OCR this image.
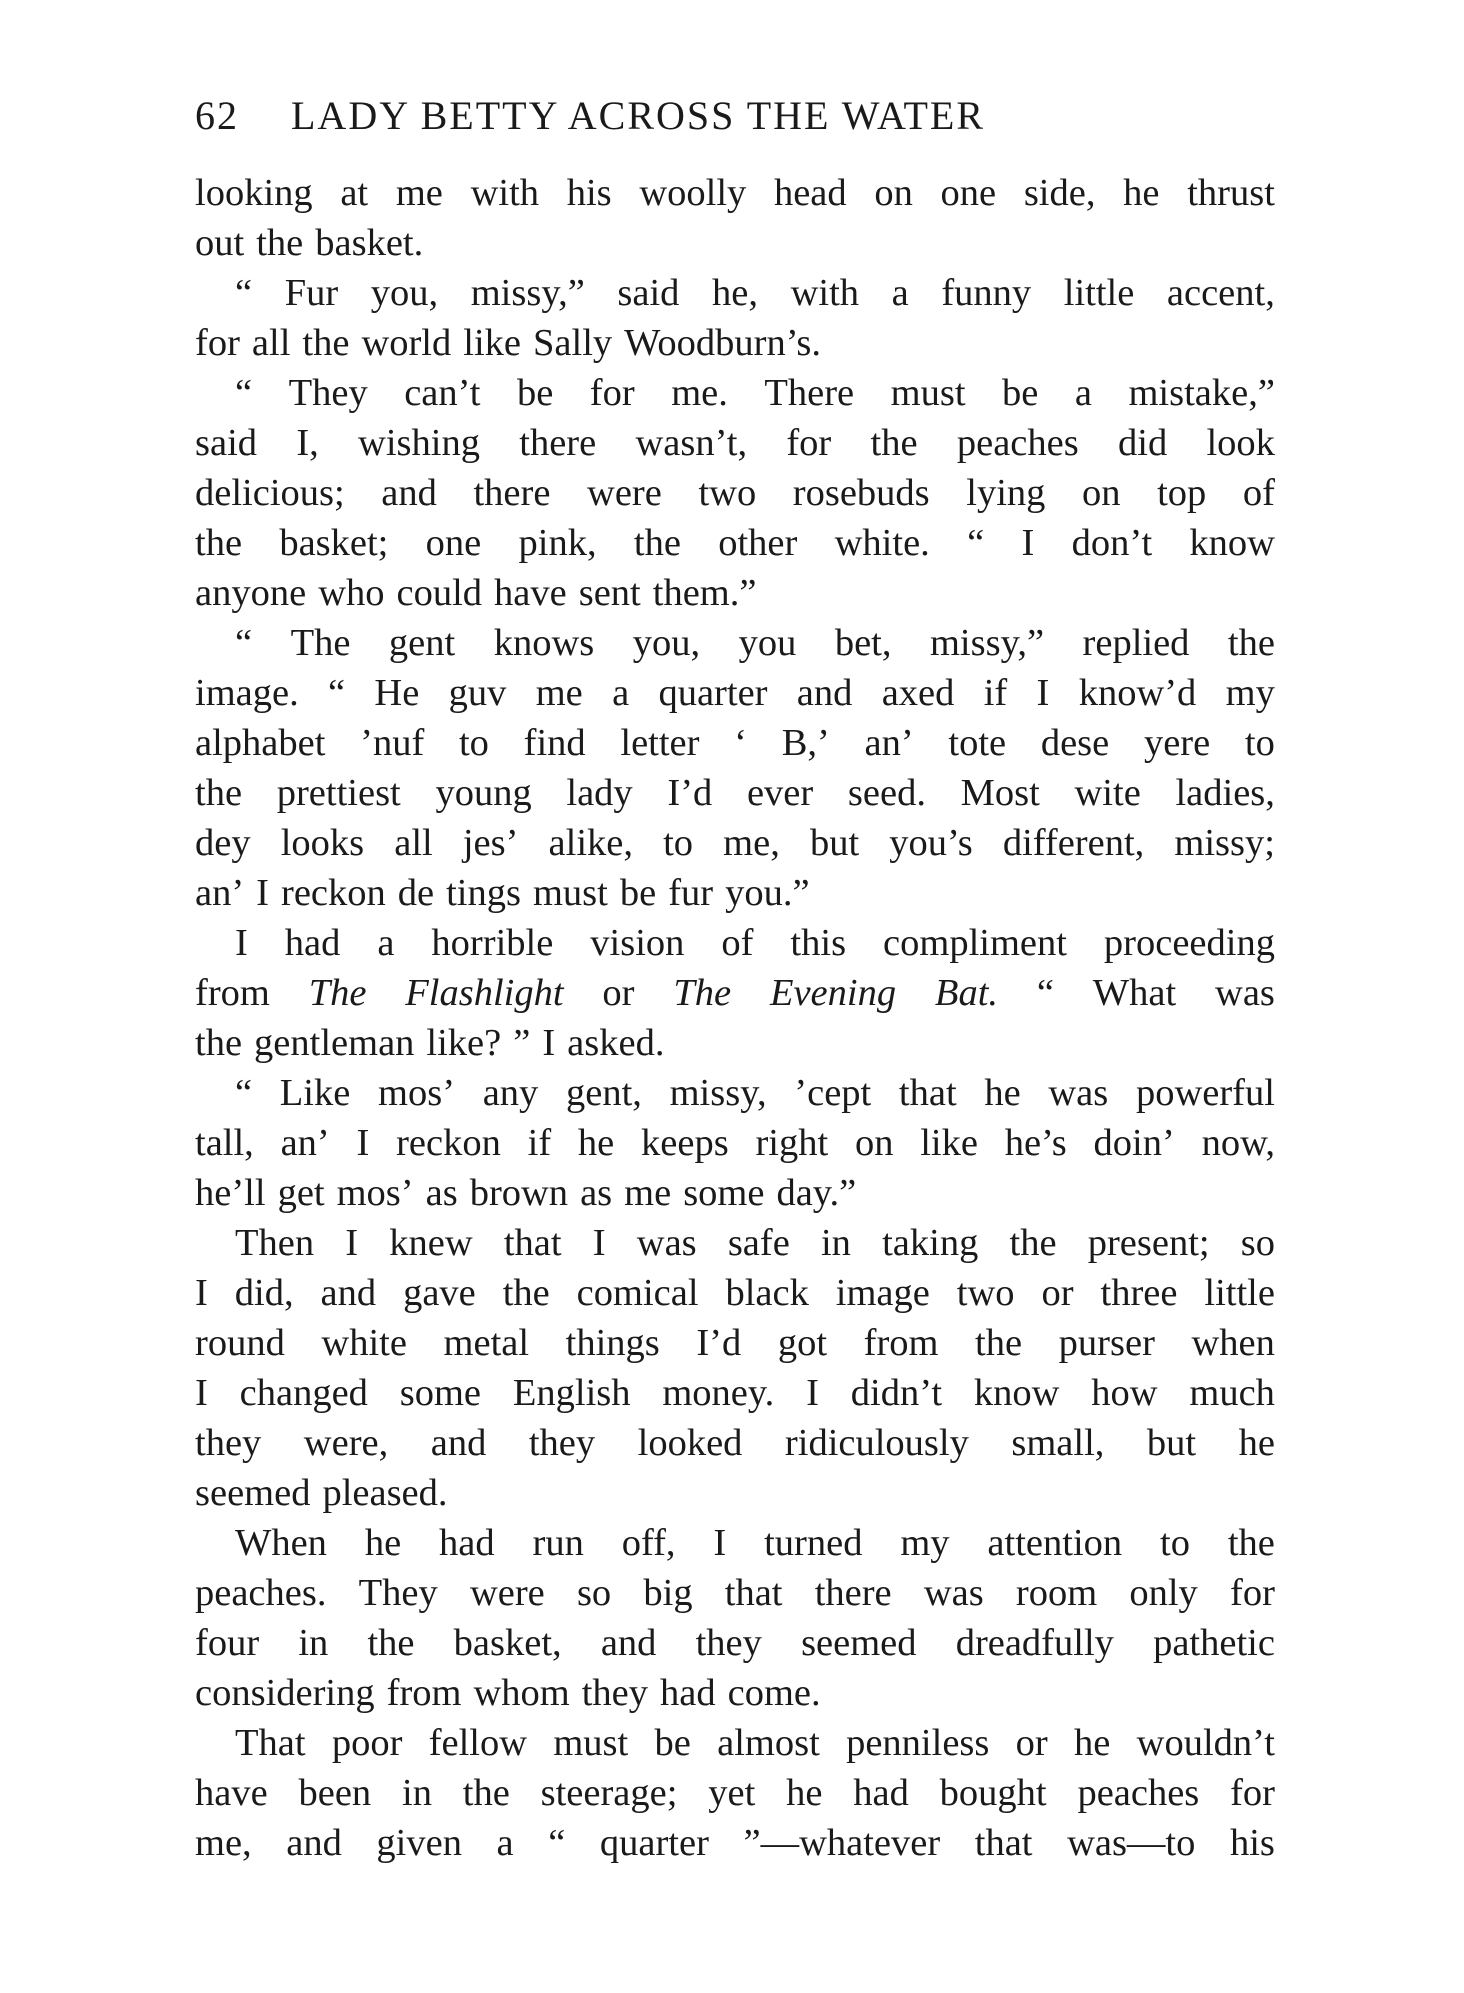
62 LADY BETTY ACROSS THE WATER
looking at me with his woolly head on one side, he thrust
out the basket.
“ Fur you, missy,” said he, with a funny little accent,
for all the world like Sally Woodburn’s.
“ They can’t be for me. There must be a mistake,”
said I, wishing there wasn’t, for the peaches did look
delicious; and there were two rosebuds lying on top of
the basket; one pink, the other white. “ I don’t know
anyone who could have sent them.”
“ The gent knows you, you bet, missy,” replied the
image. “ He guv me a quarter and axed if I know’d my
alphabet ’nuf to find letter ‘ B,’ an’ tote dese yere to
the prettiest young lady I’d ever seed. Most wite ladies,
dey looks all jes’ alike, to me, but you’s different, missy;
an’ I reckon de tings must be fur you.”
I had a horrible vision of this compliment proceeding
from The Flashlight or The Evening Bat. “ What was
the gentleman like? ” I asked.
“ Like mos’ any gent, missy, ’cept that he was powerful
tall, an’ I reckon if he keeps right on like he’s doin’ now,
he’ll get mos’ as brown as me some day.”
Then I knew that I was safe in taking the present; so
I did, and gave the comical black image two or three little
round white metal things I’d got from the purser when
I changed some English money. I didn’t know how much
they were, and they looked ridiculously small, but he
seemed pleased.
When he had run off, I turned my attention to the
peaches. They were so big that there was room only for
four in the basket, and they seemed dreadfully pathetic
considering from whom they had come.
That poor fellow must be almost penniless or he wouldn’t
have been in the steerage; yet he had bought peaches for
me, and given a “ quarter ”—whatever that was—to his
